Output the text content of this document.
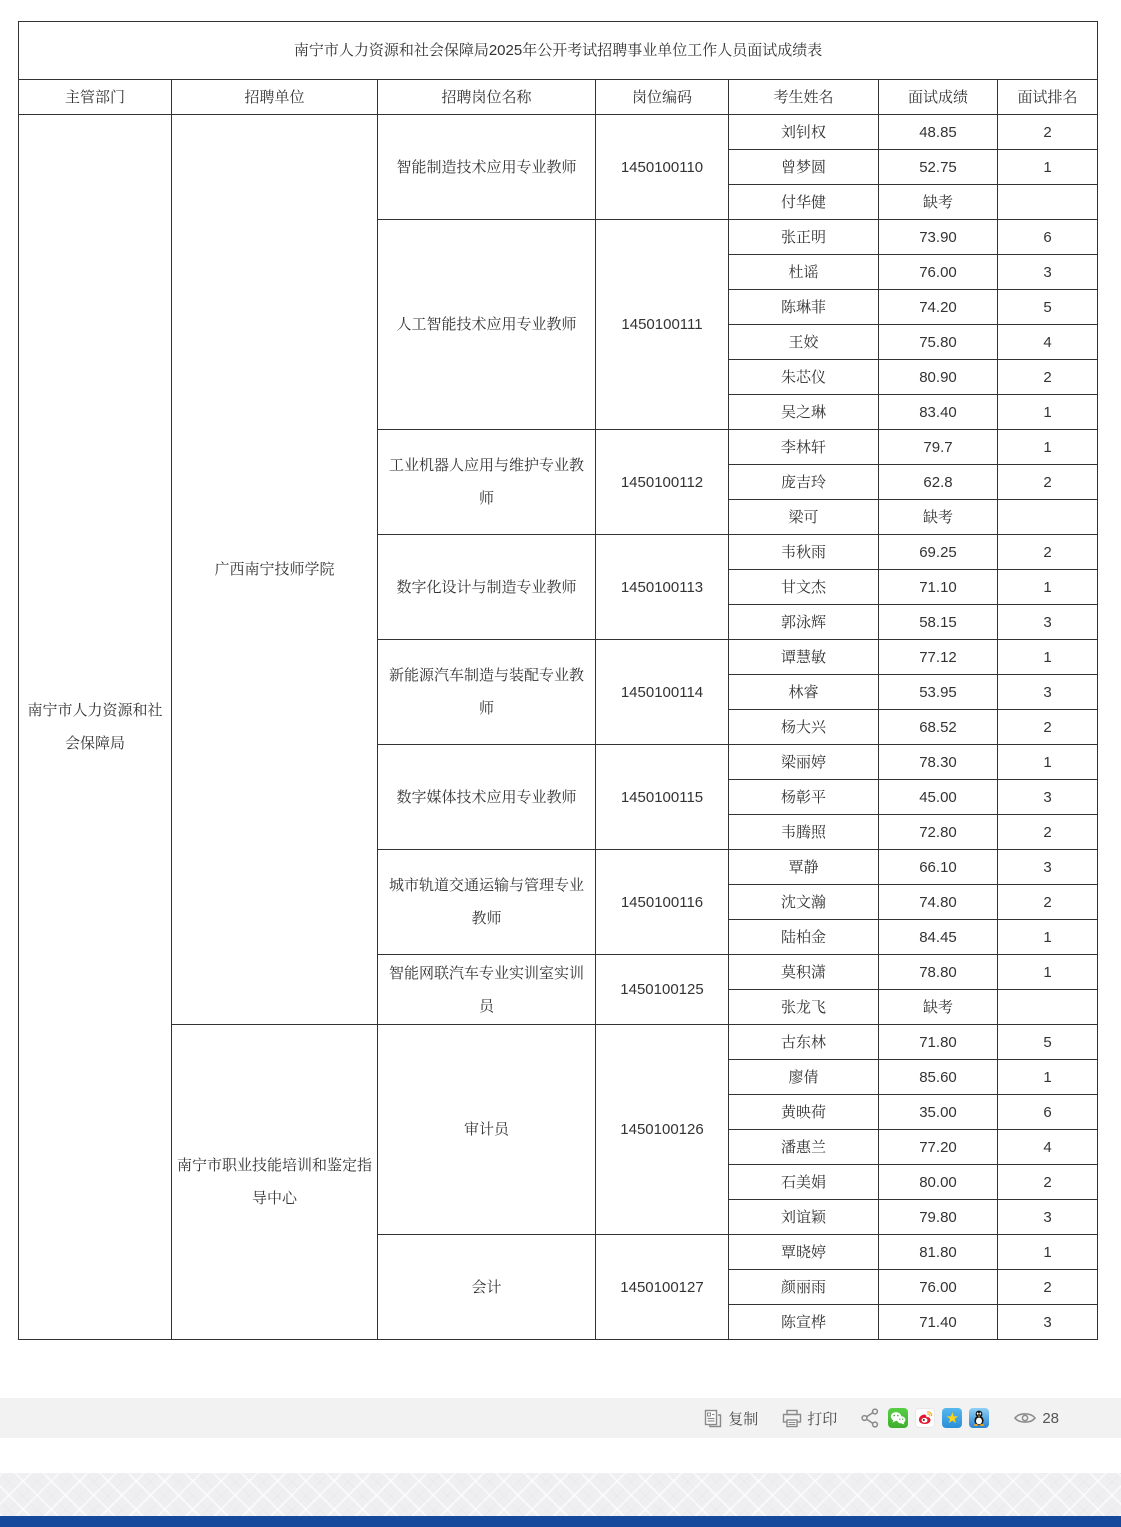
南宁市人力资源和社会保障局2025年公开考试招聘事业单位工作人员面试成绩表						
主管部门	招聘单位	招聘岗位名称	岗位编码	考生姓名	面试成绩	面试排名
南宁市人力资源和社会保障局	广西南宁技师学院	智能制造技术应用专业教师	1450100110	刘钊权	48.85	2
				曾梦圆	52.75	1
				付华健	缺考	
		人工智能技术应用专业教师	1450100111	张正明	73.90	6
				杜谣	76.00	3
				陈琳菲	74.20	5
				王姣	75.80	4
				朱芯仪	80.90	2
				吴之琳	83.40	1
		工业机器人应用与维护专业教师	1450100112	李林轩	79.7	1
				庞吉玲	62.8	2
				梁可	缺考	
		数字化设计与制造专业教师	1450100113	韦秋雨	69.25	2
				甘文杰	71.10	1
				郭泳辉	58.15	3
		新能源汽车制造与装配专业教师	1450100114	谭慧敏	77.12	1
				林睿	53.95	3
				杨大兴	68.52	2
		数字媒体技术应用专业教师	1450100115	梁丽婷	78.30	1
				杨彰平	45.00	3
				韦腾照	72.80	2
		城市轨道交通运输与管理专业教师	1450100116	覃静	66.10	3
				沈文瀚	74.80	2
				陆柏金	84.45	1
		智能网联汽车专业实训室实训员	1450100125	莫积潇	78.80	1
				张龙飞	缺考	
	南宁市职业技能培训和鉴定指导中心	审计员	1450100126	古东林	71.80	5
				廖倩	85.60	1
				黄映荷	35.00	6
				潘惠兰	77.20	4
				石美娟	80.00	2
				刘谊颖	79.80	3
		会计	1450100127	覃晓婷	81.80	1
				颜丽雨	76.00	2
				陈宣桦	71.40	3
复制	打印	★	28
